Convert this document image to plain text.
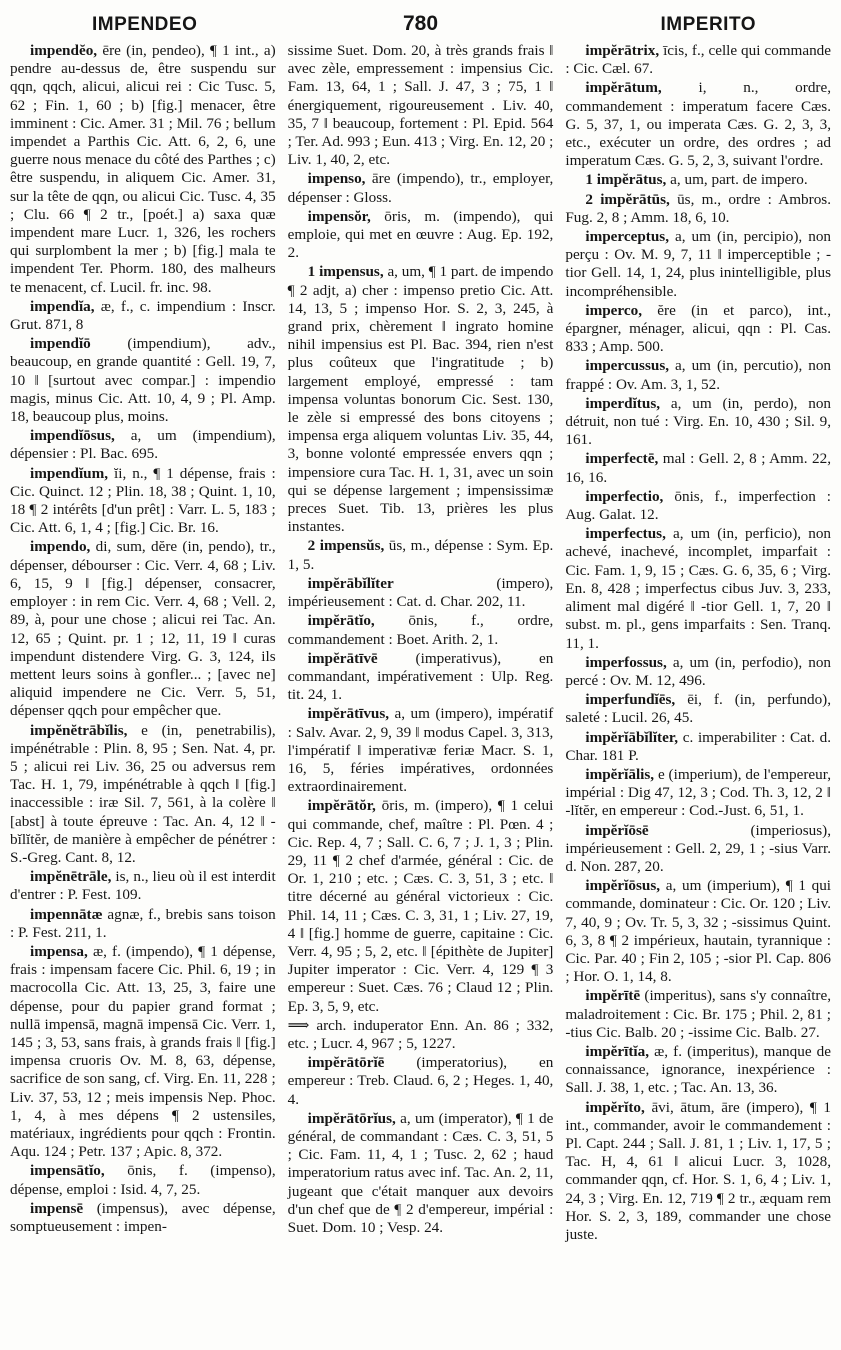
IMPENDEO	780	IMPERITO

impendĕo, ēre (in, pendeo), ¶ 1 int., a) pendre au-dessus de, être suspendu sur qqn, qqch, alicui, alicui rei : Cic Tusc. 5, 62 ; Fin. 1, 60 ; b) [fig.] menacer, être imminent : Cic. Amer. 31 ; Mil. 76 ; bellum impendet a Parthis Cic. Att. 6, 2, 6, une guerre nous menace du côté des Parthes ; c) être suspendu, in aliquem Cic. Amer. 31, sur la tête de qqn, ou alicui Cic. Tusc. 4, 35 ; Clu. 66 ¶ 2 tr., [poét.] a) saxa quæ impendent mare Lucr. 1, 326, les rochers qui surplombent la mer ; b) [fig.] mala te impendent Ter. Phorm. 180, des malheurs te menacent, cf. Lucil. fr. inc. 98.

impendĭa, æ, f., c. impendium : Inscr. Grut. 871, 8

impendĭō (impendium), adv., beaucoup, en grande quantité : Gell. 19, 7, 10 ‖ [surtout avec compar.] : impendio magis, minus Cic. Att. 10, 4, 9 ; Pl. Amp. 18, beaucoup plus, moins.

impendĭōsus, a, um (impendium), dépensier : Pl. Bac. 695.

impendĭum, ĭi, n., ¶ 1 dépense, frais : Cic. Quinct. 12 ; Plin. 18, 38 ; Quint. 1, 10, 18 ¶ 2 intérêts [d'un prêt] : Varr. L. 5, 183 ; Cic. Att. 6, 1, 4 ; [fig.] Cic. Br. 16.

impendo, di, sum, dĕre (in, pendo), tr., dépenser, débourser : Cic. Verr. 4, 68 ; Liv. 6, 15, 9 ‖ [fig.] dépenser, consacrer, employer : in rem Cic. Verr. 4, 68 ; Vell. 2, 89, à, pour une chose ; alicui rei Tac. An. 12, 65 ; Quint. pr. 1 ; 12, 11, 19 ‖ curas impendunt distendere Virg. G. 3, 124, ils mettent leurs soins à gonfler... ; [avec ne] aliquid impendere ne Cic. Verr. 5, 51, dépenser qqch pour empêcher que.

impĕnĕtrābĭlis, e (in, penetrabilis), impénétrable : Plin. 8, 95 ; Sen. Nat. 4, pr. 5 ; alicui rei Liv. 36, 25 ou adversus rem Tac. H. 1, 79, impénétrable à qqch ‖ [fig.] inaccessible : iræ Sil. 7, 561, à la colère ‖ [abst] à toute épreuve : Tac. An. 4, 12 ‖ -bĭlĭtĕr, de manière à empêcher de pénétrer : S.-Greg. Cant. 8, 12.

impĕnētrāle, is, n., lieu où il est interdit d'entrer : P. Fest. 109.

impennātæ agnæ, f., brebis sans toison : P. Fest. 211, 1.

impensa, æ, f. (impendo), ¶ 1 dépense, frais : impensam facere Cic. Phil. 6, 19 ; in macrocolla Cic. Att. 13, 25, 3, faire une dépense, pour du papier grand format ; nullā impensā, magnā impensā Cic. Verr. 1, 145 ; 3, 53, sans frais, à grands frais ‖ [fig.] impensa cruoris Ov. M. 8, 63, dépense, sacrifice de son sang, cf. Virg. En. 11, 228 ; Liv. 37, 53, 12 ; meis impensis Nep. Phoc. 1, 4, à mes dépens ¶ 2 ustensiles, matériaux, ingrédients pour qqch : Frontin. Aqu. 124 ; Petr. 137 ; Apic. 8, 372.

impensātĭo, ōnis, f. (impenso), dépense, emploi : Isid. 4, 7, 25.

impensē (impensus), avec dépense, somptueusement : impen-

sissime Suet. Dom. 20, à très grands frais ‖ avec zèle, empressement : impensius Cic. Fam. 13, 64, 1 ; Sall. J. 47, 3 ; 75, 1 ‖ énergiquement, rigoureusement . Liv. 40, 35, 7 ‖ beaucoup, fortement : Pl. Epid. 564 ; Ter. Ad. 993 ; Eun. 413 ; Virg. En. 12, 20 ; Liv. 1, 40, 2, etc.

impenso, āre (impendo), tr., employer, dépenser : Gloss.

impensŏr, ōris, m. (impendo), qui emploie, qui met en œuvre : Aug. Ep. 192, 2.

1 impensus, a, um, ¶ 1 part. de impendo ¶ 2 adjt, a) cher : impenso pretio Cic. Att. 14, 13, 5 ; impenso Hor. S. 2, 3, 245, à grand prix, chèrement ‖ ingrato homine nihil impensius est Pl. Bac. 394, rien n'est plus coûteux que l'ingratitude ; b) largement employé, empressé : tam impensa voluntas bonorum Cic. Sest. 130, le zèle si empressé des bons citoyens ; impensa erga aliquem voluntas Liv. 35, 44, 3, bonne volonté empressée envers qqn ; impensiore cura Tac. H. 1, 31, avec un soin qui se dépense largement ; impensissimæ preces Suet. Tib. 13, prières les plus instantes.

2 impensŭs, ūs, m., dépense : Sym. Ep. 1, 5.

impĕrābĭlĭter	(impero), impérieusement : Cat. d. Char. 202, 11.

impĕrātĭo, ōnis, f., ordre, commandement : Boet. Arith. 2, 1.

impĕrātīvē (imperativus), en commandant, impérativement : Ulp. Reg. tit. 24, 1.

impĕrātīvus, a, um (impero), impératif : Salv. Avar. 2, 9, 39 ‖ modus Capel. 3, 313, l'impératif ‖ imperativæ feriæ Macr. S. 1, 16, 5, féries impératives, ordonnées extraordinairement.

impĕrātŏr, ōris, m. (impero), ¶ 1 celui qui commande, chef, maître : Pl. Pœn. 4 ; Cic. Rep. 4, 7 ; Sall. C. 6, 7 ; J. 1, 3 ; Plin. 29, 11 ¶ 2 chef d'armée, général : Cic. de Or. 1, 210 ; etc. ; Cæs. C. 3, 51, 3 ; etc. ‖ titre décerné au général victorieux : Cic. Phil. 14, 11 ; Cæs. C. 3, 31, 1 ; Liv. 27, 19, 4 ‖ [fig.] homme de guerre, capitaine : Cic. Verr. 4, 95 ; 5, 2, etc. ‖ [épithète de Jupiter] Jupiter imperator : Cic. Verr. 4, 129 ¶ 3 empereur : Suet. Cæs. 76 ; Claud 12 ; Plin. Ep. 3, 5, 9, etc.

⟹ arch. induperator Enn. An. 86 ; 332, etc. ; Lucr. 4, 967 ; 5, 1227.

impĕrātōrĭē (imperatorius), en empereur : Treb. Claud. 6, 2 ; Heges. 1, 40, 4.

impĕrātōrĭus, a, um (imperator), ¶ 1 de général, de commandant : Cæs. C. 3, 51, 5 ; Cic. Fam. 11, 4, 1 ; Tusc. 2, 62 ; haud imperatorium ratus avec inf. Tac. An. 2, 11, jugeant que c'était manquer aux devoirs d'un chef que de ¶ 2 d'empereur, impérial : Suet. Dom. 10 ; Vesp. 24.

impĕrātrix, īcis, f., celle qui commande : Cic. Cæl. 67.

impĕrātum, i, n., ordre, commandement : imperatum facere Cæs. G. 5, 37, 1, ou imperata Cæs. G. 2, 3, 3, etc., exécuter un ordre, des ordres ; ad imperatum Cæs. G. 5, 2, 3, suivant l'ordre.

1 impĕrātus, a, um, part. de impero.

2 impĕrātūs, ūs, m., ordre : Ambros. Fug. 2, 8 ; Amm. 18, 6, 10.

imperceptus, a, um (in, percipio), non perçu : Ov. M. 9, 7, 11 ‖ imperceptible ; -tior Gell. 14, 1, 24, plus inintelligible, plus incompréhensible.

imperco, ĕre (in et parco), int., épargner, ménager, alicui, qqn : Pl. Cas. 833 ; Amp. 500.

impercussus, a, um (in, percutio), non frappé : Ov. Am. 3, 1, 52.

imperdĭtus, a, um (in, perdo), non détruit, non tué : Virg. En. 10, 430 ; Sil. 9, 161.

imperfectē, mal : Gell. 2, 8 ; Amm. 22, 16, 16.

imperfectio, ōnis, f., imperfection : Aug. Galat. 12.

imperfectus, a, um (in, perficio), non achevé, inachevé, incomplet, imparfait : Cic. Fam. 1, 9, 15 ; Cæs. G. 6, 35, 6 ; Virg. En. 8, 428 ; imperfectus cibus Juv. 3, 233, aliment mal digéré ‖ -tior Gell. 1, 7, 20 ‖ subst. m. pl., gens imparfaits : Sen. Tranq. 11, 1.

imperfossus, a, um (in, perfodio), non percé : Ov. M. 12, 496.

imperfundĭēs, ēi, f. (in, perfundo), saleté : Lucil. 26, 45.

impĕrĭābĭlĭter, c. imperabiliter : Cat. d. Char. 181 P.

impĕrĭālis, e (imperium), de l'empereur, impérial : Dig 47, 12, 3 ; Cod. Th. 3, 12, 2 ‖ -lĭtĕr, en empereur : Cod.-Just. 6, 51, 1.

impĕrĭōsē	(imperiosus), impérieusement : Gell. 2, 29, 1 ; -sius Varr. d. Non. 287, 20.

impĕrĭōsus, a, um (imperium), ¶ 1 qui commande, dominateur : Cic. Or. 120 ; Liv. 7, 40, 9 ; Ov. Tr. 5, 3, 32 ; -sissimus Quint. 6, 3, 8 ¶ 2 impérieux, hautain, tyrannique : Cic. Par. 40 ; Fin 2, 105 ; -sior Pl. Cap. 806 ; Hor. O. 1, 14, 8.

impĕrītē (imperitus), sans s'y connaître, maladroitement : Cic. Br. 175 ; Phil. 2, 81 ; -tius Cic. Balb. 20 ; -issime Cic. Balb. 27.

impĕrītĭa, æ, f. (imperitus), manque de connaissance, ignorance, inexpérience : Sall. J. 38, 1, etc. ; Tac. An. 13, 36.

impĕrĭto, āvi, ātum, āre (impero), ¶ 1 int., commander, avoir le commandement : Pl. Capt. 244 ; Sall. J. 81, 1 ; Liv. 1, 17, 5 ; Tac. H, 4, 61 ‖ alicui Lucr. 3, 1028, commander qqn, cf. Hor. S. 1, 6, 4 ; Liv. 1, 24, 3 ; Virg. En. 12, 719 ¶ 2 tr., æquam rem Hor. S. 2, 3, 189, commander une chose juste.
